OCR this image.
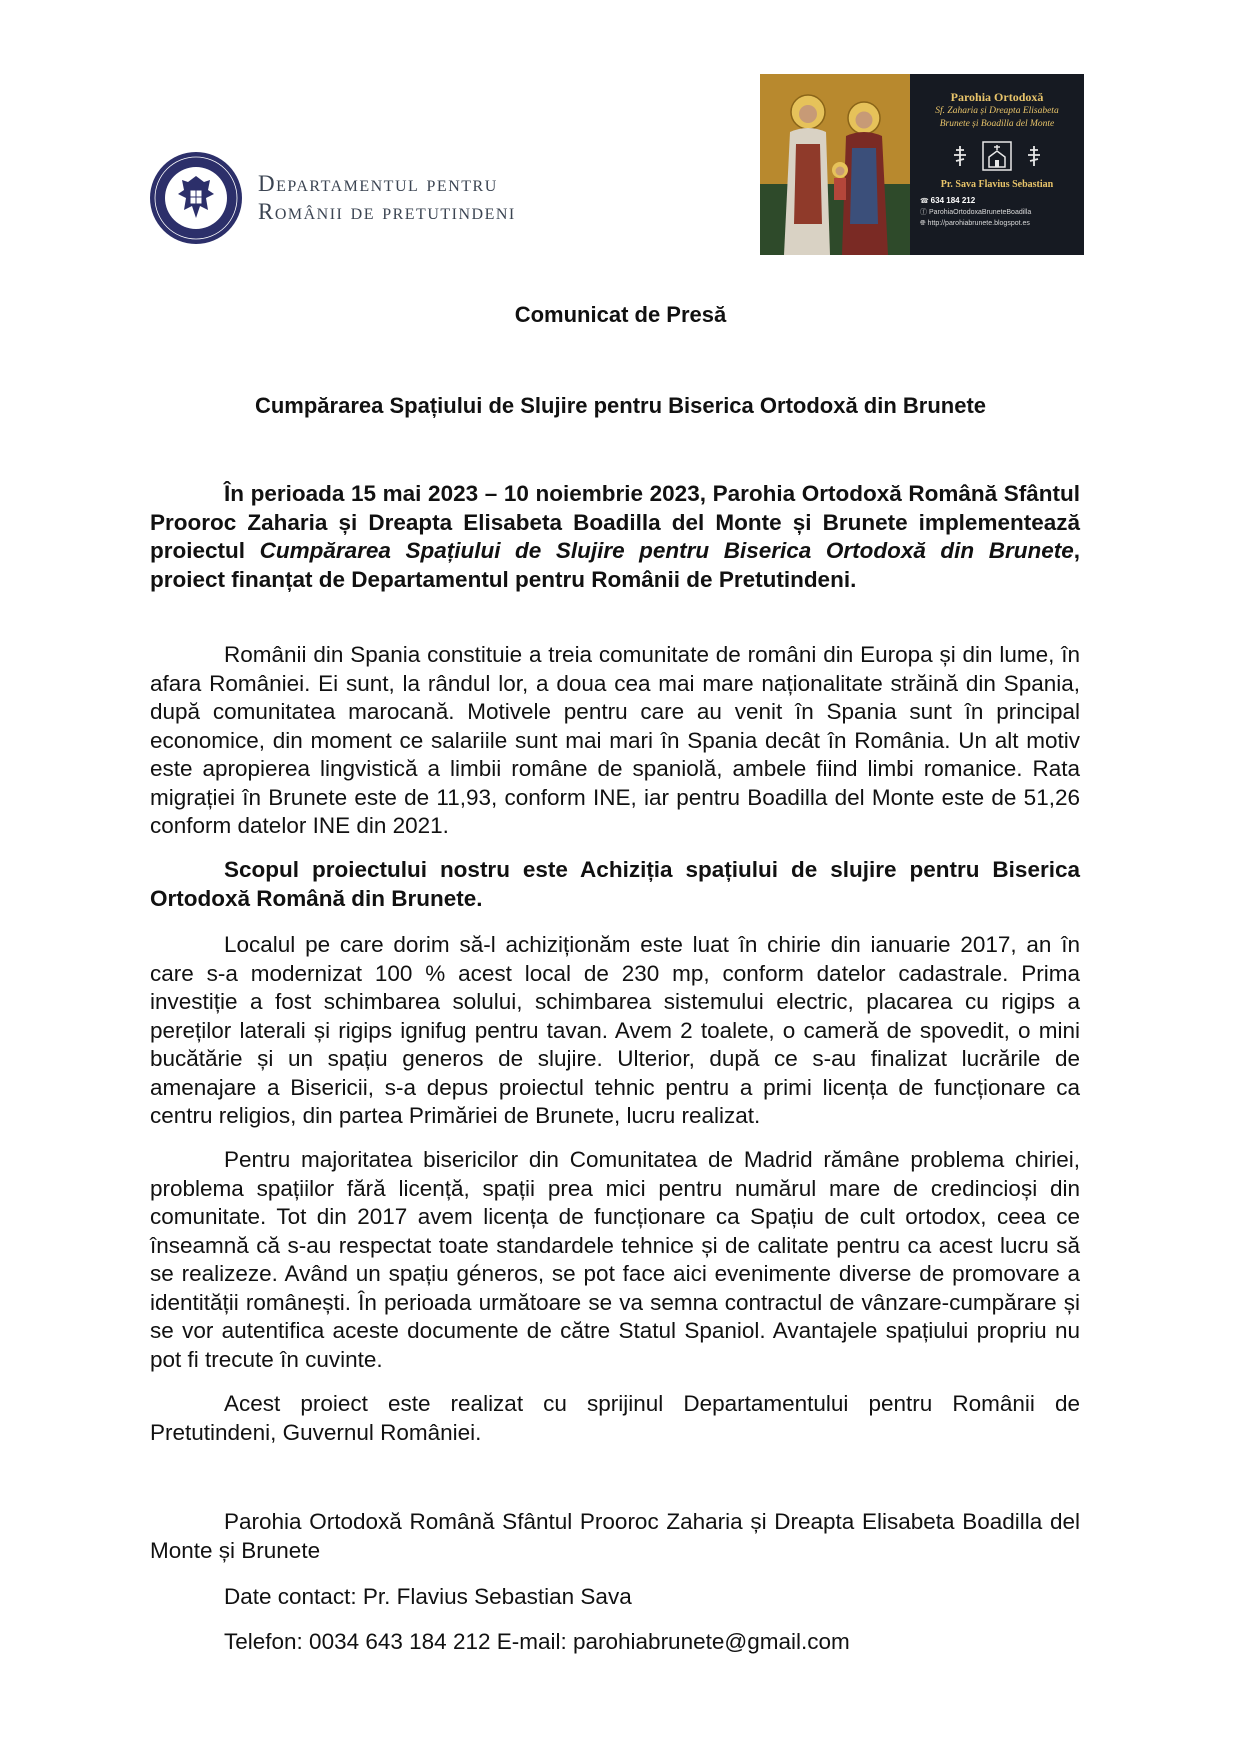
Departamentul pentru
Românii de pretutindeni
Parohia Ortodoxă
Sf. Zaharia și Dreapta Elisabeta
Brunete și Boadilla del Monte
Pr. Sava Flavius Sebastian
☎ 634 184 212
ⓕ ParohiaOrtodoxaBruneteBoadilla
🌐︎ http://parohiabrunete.blogspot.es
Comunicat de Presă
Cumpărarea Spațiului de Slujire pentru Biserica Ortodoxă din Brunete

În perioada 15 mai 2023 – 10 noiembrie 2023, Parohia Ortodoxă Română Sfântul Prooroc Zaharia și Dreapta Elisabeta Boadilla del Monte și Brunete implementează proiectul Cumpărarea Spațiului de Slujire pentru Biserica Ortodoxă din Brunete, proiect finanțat de Departamentul pentru Românii de Pretutindeni.

Românii din Spania constituie a treia comunitate de români din Europa și din lume, în afara României. Ei sunt, la rândul lor, a doua cea mai mare naționalitate străină din Spania, după comunitatea marocană. Motivele pentru care au venit în Spania sunt în principal economice, din moment ce salariile sunt mai mari în Spania decât în România. Un alt motiv este apropierea lingvistică a limbii române de spaniolă, ambele fiind limbi romanice. Rata migrației în Brunete este de 11,93, conform INE, iar pentru Boadilla del Monte este de 51,26 conform datelor INE din 2021.

Scopul proiectului nostru este Achiziția spațiului de slujire pentru Biserica Ortodoxă Română din Brunete.

Localul pe care dorim să-l achiziționăm este luat în chirie din ianuarie 2017, an în care s-a modernizat 100 % acest local de 230 mp, conform datelor cadastrale. Prima investiție a fost schimbarea solului, schimbarea sistemului electric, placarea cu rigips a pereților laterali și rigips ignifug pentru tavan. Avem 2 toalete, o cameră de spovedit, o mini bucătărie și un spațiu generos de slujire. Ulterior, după ce s-au finalizat lucrările de amenajare a Bisericii, s-a depus proiectul tehnic pentru a primi licența de funcționare ca centru religios, din partea Primăriei de Brunete, lucru realizat.

Pentru majoritatea bisericilor din Comunitatea de Madrid rămâne problema chiriei, problema spațiilor fără licență, spații prea mici pentru numărul mare de credincioși din comunitate. Tot din 2017 avem licența de funcționare ca Spațiu de cult ortodox, ceea ce înseamnă că s-au respectat toate standardele tehnice și de calitate pentru ca acest lucru să se realizeze. Având un spațiu géneros, se pot face aici evenimente diverse de promovare a identității românești. În perioada următoare se va semna contractul de vânzare-cumpărare și se vor autentifica aceste documente de către Statul Spaniol. Avantajele spațiului propriu nu pot fi trecute în cuvinte.

Acest proiect este realizat cu sprijinul Departamentului pentru Românii de Pretutindeni, Guvernul României.

Parohia Ortodoxă Română Sfântul Prooroc Zaharia și Dreapta Elisabeta Boadilla del Monte și Brunete

Date contact: Pr. Flavius Sebastian Sava

Telefon: 0034 643 184 212 E-mail: parohiabrunete@gmail.com
